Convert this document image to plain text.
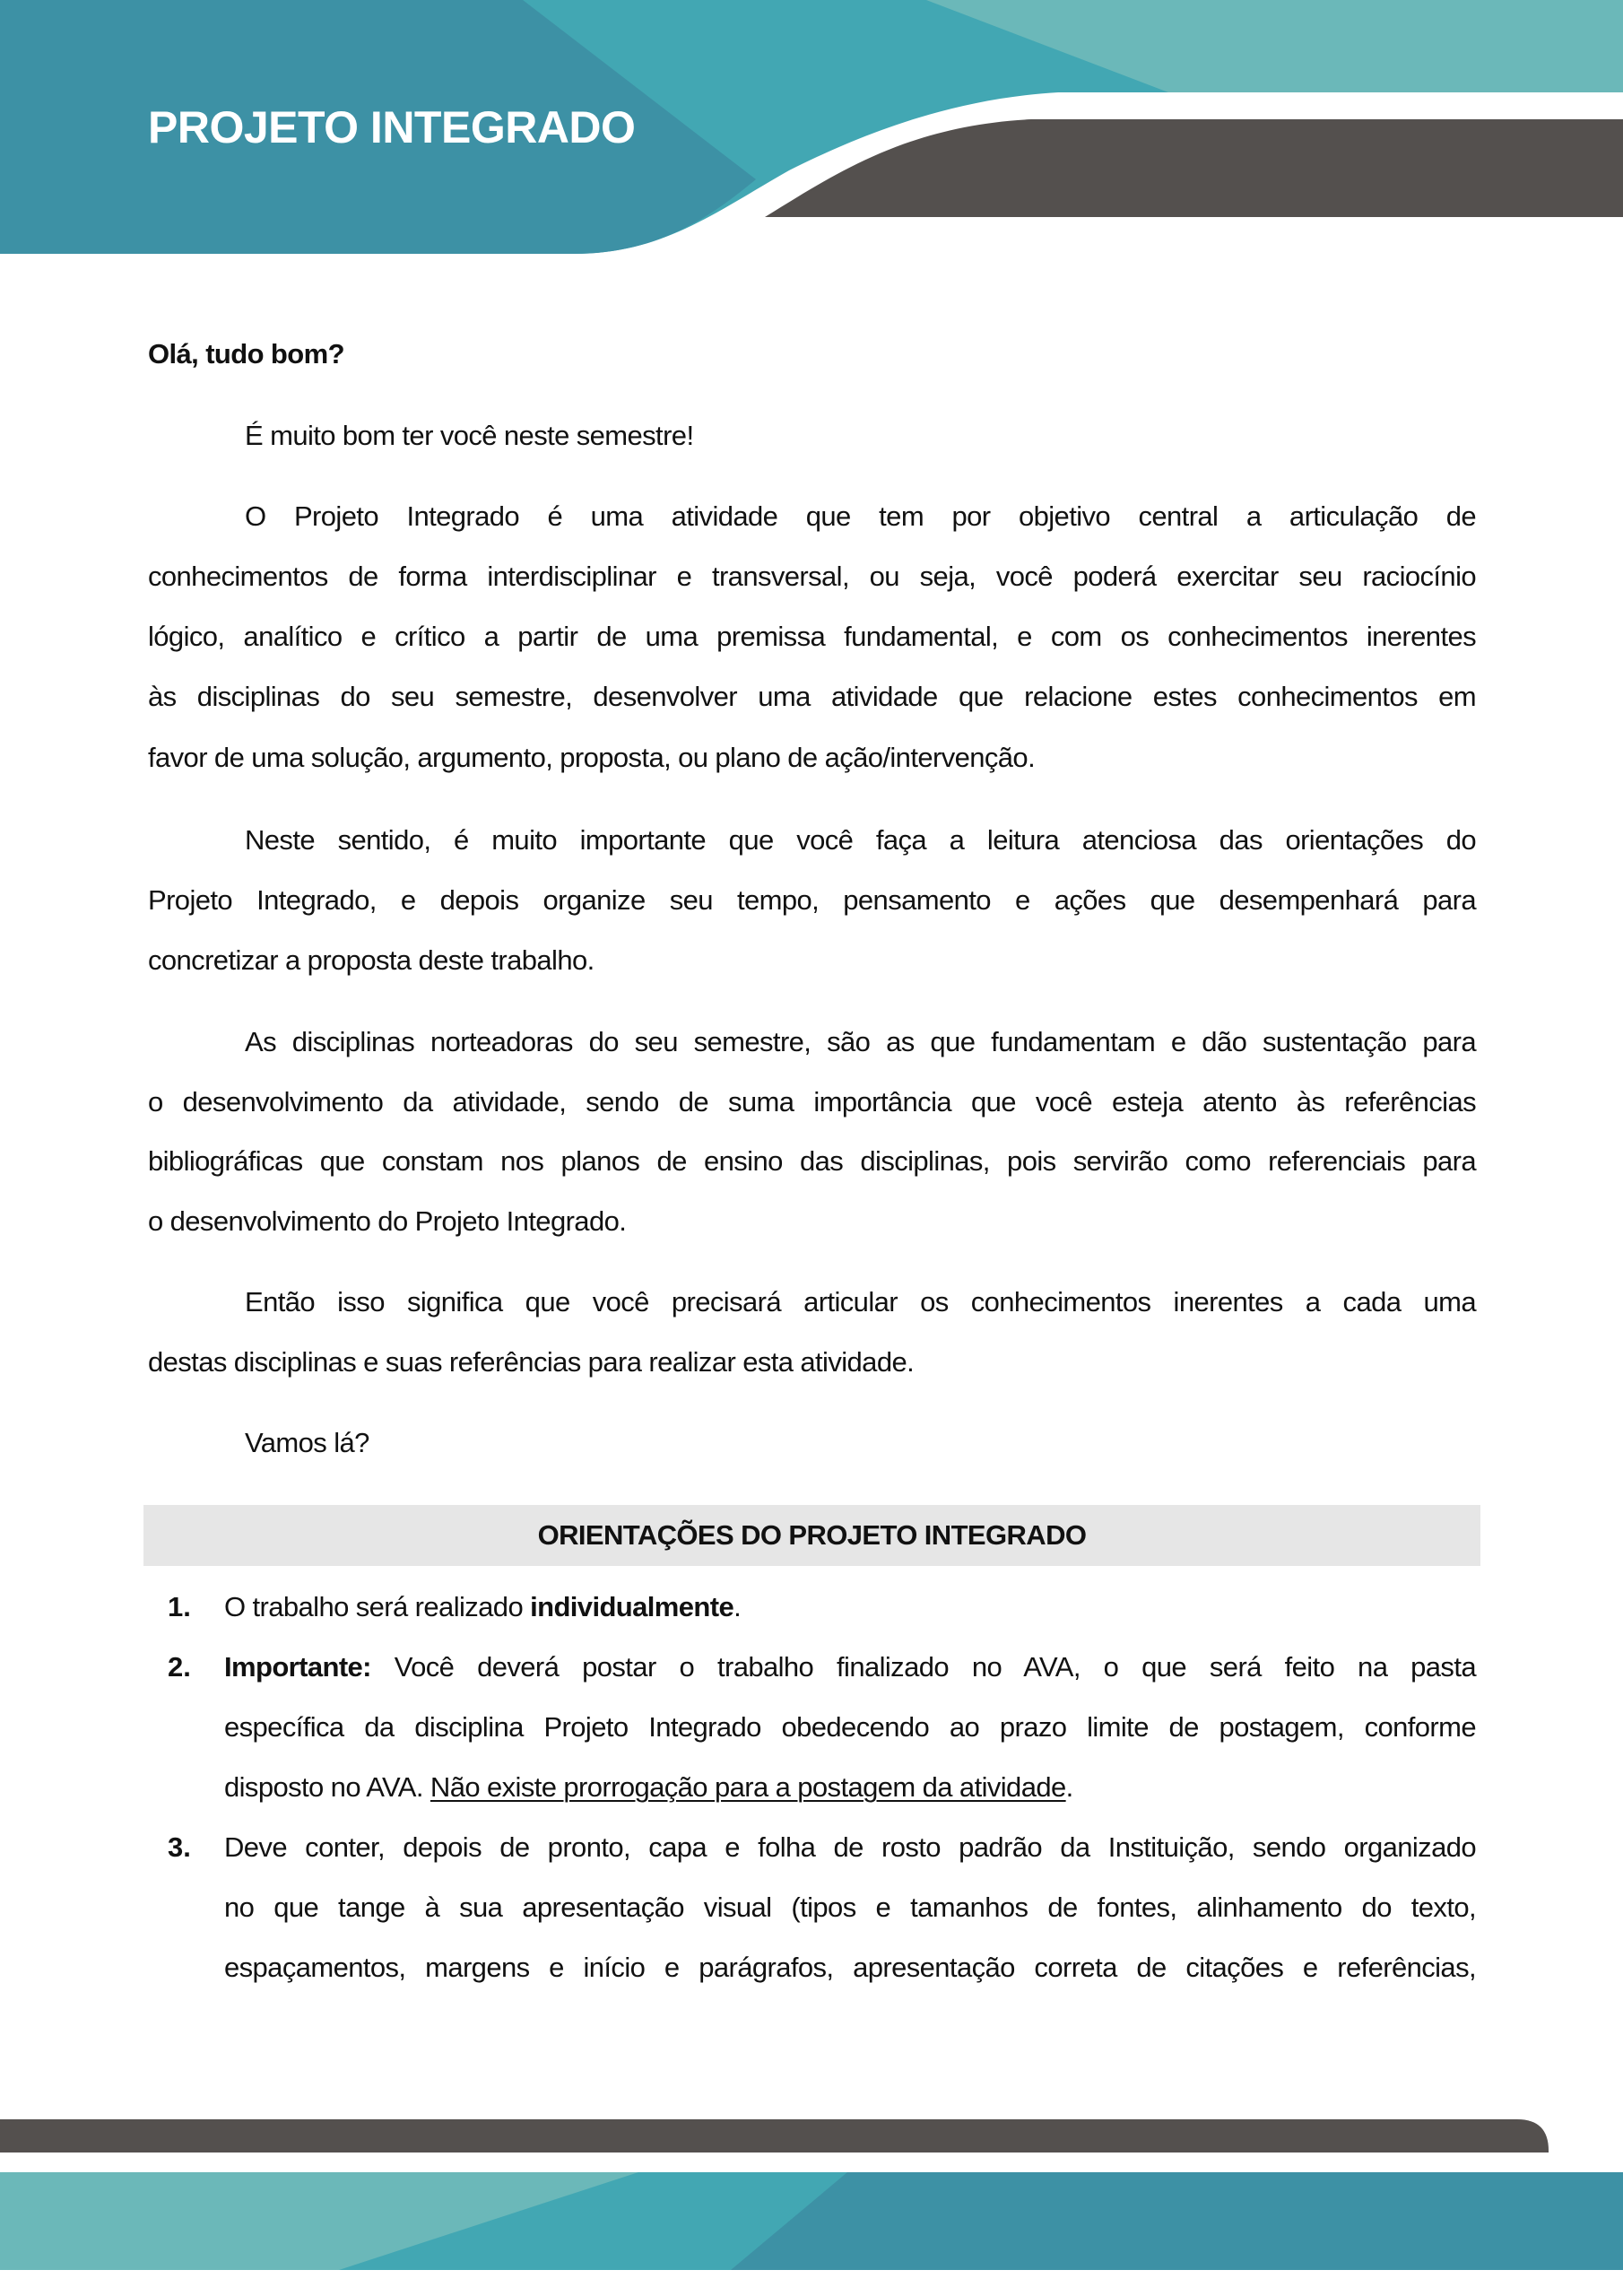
PROJETO INTEGRADO
Olá, tudo bom?
É muito bom ter você neste semestre!
O Projeto Integrado é uma atividade que tem por objetivo central a articulação de
conhecimentos de forma interdisciplinar e transversal, ou seja, você poderá exercitar seu raciocínio
lógico, analítico e crítico a partir de uma premissa fundamental, e com os conhecimentos inerentes
às disciplinas do seu semestre, desenvolver uma atividade que relacione estes conhecimentos em
favor de uma solução, argumento, proposta, ou plano de ação/intervenção.
Neste sentido, é muito importante que você faça a leitura atenciosa das orientações do
Projeto Integrado, e depois organize seu tempo, pensamento e ações que desempenhará para
concretizar a proposta deste trabalho.
As disciplinas norteadoras do seu semestre, são as que fundamentam e dão sustentação para
o desenvolvimento da atividade, sendo de suma importância que você esteja atento às referências
bibliográficas que constam nos planos de ensino das disciplinas, pois servirão como referenciais para
o desenvolvimento do Projeto Integrado.
Então isso significa que você precisará articular os conhecimentos inerentes a cada uma
destas disciplinas e suas referências para realizar esta atividade.
Vamos lá?
ORIENTAÇÕES DO PROJETO INTEGRADO
1. O trabalho será realizado individualmente.
2. Importante: Você deverá postar o trabalho finalizado no AVA, o que será feito na pasta
específica da disciplina Projeto Integrado obedecendo ao prazo limite de postagem, conforme
disposto no AVA. Não existe prorrogação para a postagem da atividade.
3. Deve conter, depois de pronto, capa e folha de rosto padrão da Instituição, sendo organizado
no que tange à sua apresentação visual (tipos e tamanhos de fontes, alinhamento do texto,
espaçamentos, margens e início e parágrafos, apresentação correta de citações e referências,
